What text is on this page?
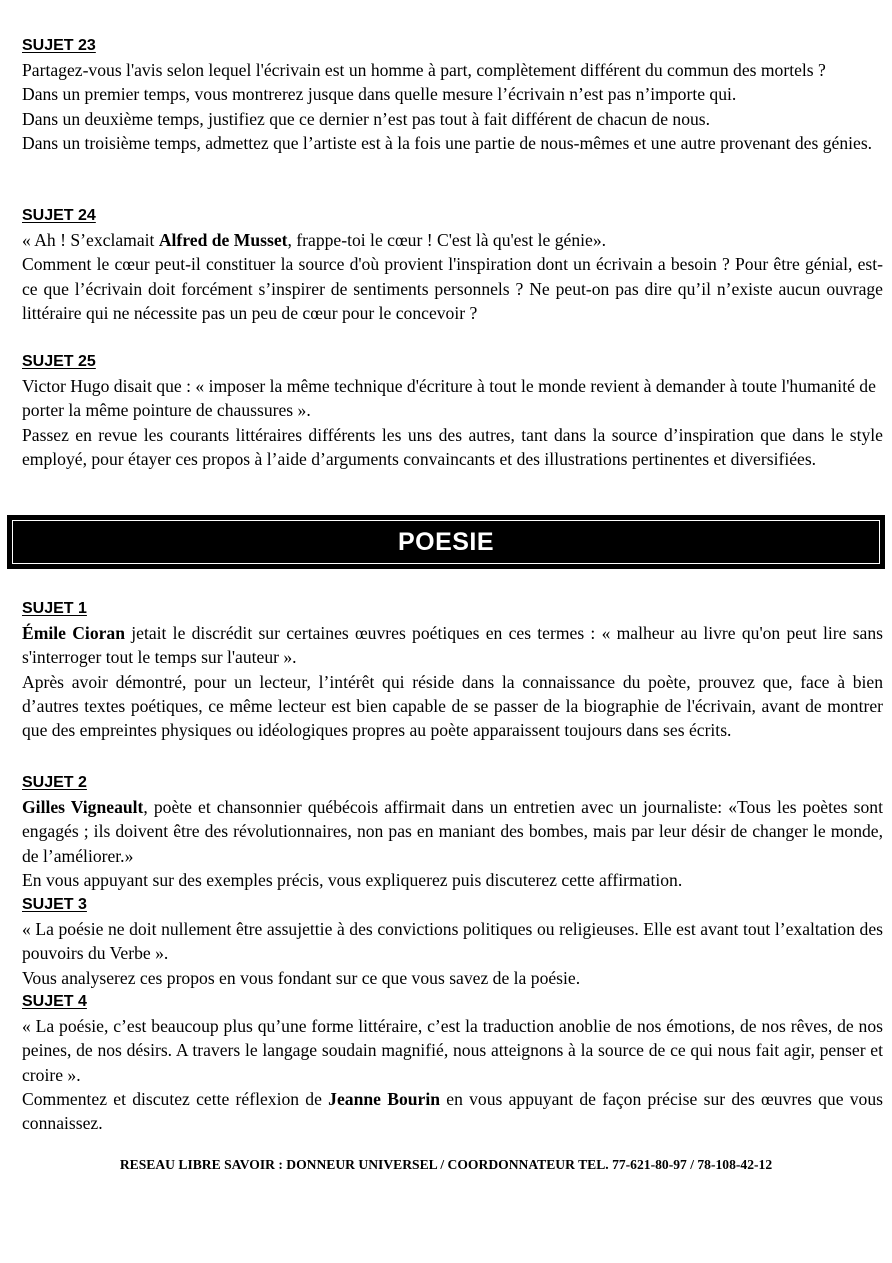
SUJET 23
Partagez-vous l'avis selon lequel l'écrivain est un homme à part, complètement différent du commun des mortels ?
Dans un premier temps, vous montrerez jusque dans quelle mesure l’écrivain n’est pas n’importe qui.
Dans un deuxième temps, justifiez que ce dernier n’est pas tout à fait différent de chacun de nous.
Dans un troisième temps, admettez que l’artiste est à la fois une partie de nous-mêmes et une autre provenant des génies.
SUJET 24
« Ah ! S’exclamait Alfred de Musset, frappe-toi le cœur ! C'est là qu'est le génie».
Comment le cœur peut-il constituer la source d'où provient l'inspiration dont un écrivain a besoin ? Pour être génial, est-ce que l’écrivain doit forcément s’inspirer de sentiments personnels ? Ne peut-on pas dire qu’il n’existe aucun ouvrage littéraire qui ne nécessite pas un peu de cœur pour le concevoir ?
SUJET 25
Victor Hugo disait que : « imposer la même technique d'écriture à tout le monde revient à demander à toute l'humanité de porter la même pointure de chaussures ».
Passez en revue les courants littéraires différents les uns des autres, tant dans la source d’inspiration que dans le style employé, pour étayer ces propos à l’aide d’arguments convaincants et des illustrations pertinentes et diversifiées.
POESIE
SUJET 1
Émile Cioran jetait le discrédit sur certaines œuvres poétiques en ces termes : « malheur au livre qu'on peut lire sans s'interroger tout le temps sur l'auteur ».
Après avoir démontré, pour un lecteur, l’intérêt qui réside dans la connaissance du poète, prouvez que, face à bien d’autres textes poétiques, ce même lecteur est bien capable de se passer de la biographie de l'écrivain, avant de montrer que des empreintes physiques ou idéologiques propres au poète apparaissent toujours dans ses écrits.
SUJET 2
Gilles Vigneault, poète et chansonnier québécois affirmait dans un entretien avec un journaliste: «Tous les poètes sont engagés ; ils doivent être des révolutionnaires, non pas en maniant des bombes, mais par leur désir de changer le monde, de l’améliorer.»
En vous appuyant sur des exemples précis, vous expliquerez puis discuterez cette affirmation.
SUJET 3
« La poésie ne doit nullement être assujettie à des convictions politiques ou religieuses. Elle est avant tout l’exaltation des pouvoirs du Verbe ».
Vous analyserez ces propos en vous fondant sur ce que vous savez de la poésie.
SUJET 4
« La poésie, c’est beaucoup plus qu’une forme littéraire, c’est la traduction anoblie de nos émotions, de nos rêves, de nos peines, de nos désirs. A travers le langage soudain magnifié, nous atteignons à la source de ce qui nous fait agir, penser et croire ».
Commentez et discutez cette réflexion de Jeanne Bourin en vous appuyant de façon précise sur des œuvres que vous connaissez.
RESEAU LIBRE SAVOIR : DONNEUR UNIVERSEL / COORDONNATEUR TEL. 77-621-80-97 / 78-108-42-12
